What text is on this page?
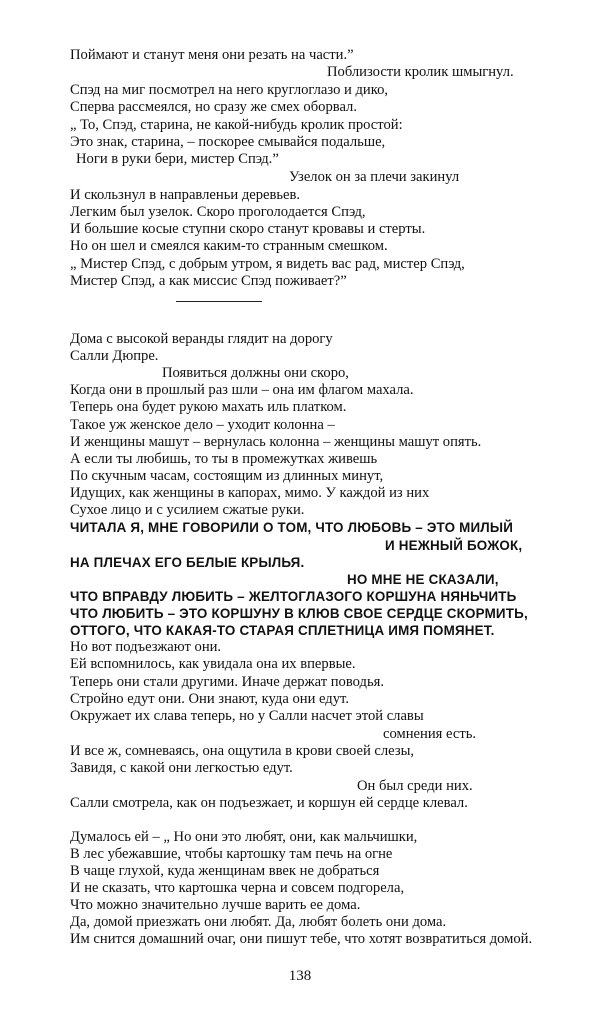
Поймают и станут меня они резать на части.”
Поблизости кролик шмыгнул.
Спэд на миг посмотрел на него круглоглазо и дико,
Сперва рассмеялся, но сразу же смех оборвал.
„ То, Спэд, старина, не какой-нибудь кролик простой:
Это знак, старина, – поскорее смывайся подальше,
Ноги в руки бери, мистер Спэд.”
Узелок он за плечи закинул
И скользнул в направленьи деревьев.
Легким был узелок. Скоро проголодается Спэд,
И большие косые ступни скоро станут кровавы и стерты.
Но он шел и смеялся каким-то странным смешком.
„ Мистер Спэд, с добрым утром, я видеть вас рад, мистер Спэд,
Мистер Спэд, а как миссис Спэд поживает?”
Дома с высокой веранды глядит на дорогу
Салли Дюпре.
Появиться должны они скоро,
Когда они в прошлый раз шли – она им флагом махала.
Теперь она будет рукою махать иль платком.
Такое уж женское дело – уходит колонна –
И женщины машут – вернулась колонна – женщины машут опять.
А если ты любишь, то ты в промежутках живешь
По скучным часам, состоящим из длинных минут,
Идущих, как женщины в капорах, мимо. У каждой из них
Сухое лицо и с усилием сжатые руки.
ЧИТАЛА Я, МНЕ ГОВОРИЛИ О ТОМ, ЧТО ЛЮБОВЬ – ЭТО МИЛЫЙ
И НЕЖНЫЙ БОЖОК,
НА ПЛЕЧАХ ЕГО БЕЛЫЕ КРЫЛЬЯ.
НО МНЕ НЕ СКАЗАЛИ,
ЧТО ВПРАВДУ ЛЮБИТЬ – ЖЕЛТОГЛАЗОГО КОРШУНА НЯНЬЧИТЬ
ЧТО ЛЮБИТЬ – ЭТО КОРШУНУ В КЛЮВ СВОЕ СЕРДЦЕ СКОРМИТЬ,
ОТТОГО, ЧТО КАКАЯ-ТО СТАРАЯ СПЛЕТНИЦА ИМЯ ПОМЯНЕТ.
Но вот подъезжают они.
Ей вспомнилось, как увидала она их впервые.
Теперь они стали другими. Иначе держат поводья.
Стройно едут они. Они знают, куда они едут.
Окружает их слава теперь, но у Салли насчет этой славы
сомнения есть.
И все ж, сомневаясь, она ощутила в крови своей слезы,
Завидя, с какой они легкостью едут.
Он был среди них.
Салли смотрела, как он подъезжает, и коршун ей сердце клевал.
Думалось ей – „ Но они это любят, они, как мальчишки,
В лес убежавшие, чтобы картошку там печь на огне
В чаще глухой, куда женщинам ввек не добраться
И не сказать, что картошка черна и совсем подгорела,
Что можно значительно лучше варить ее дома.
Да, домой приезжать они любят. Да, любят болеть они дома.
Им снится домашний очаг, они пишут тебе, что хотят возвратиться домой.
138
